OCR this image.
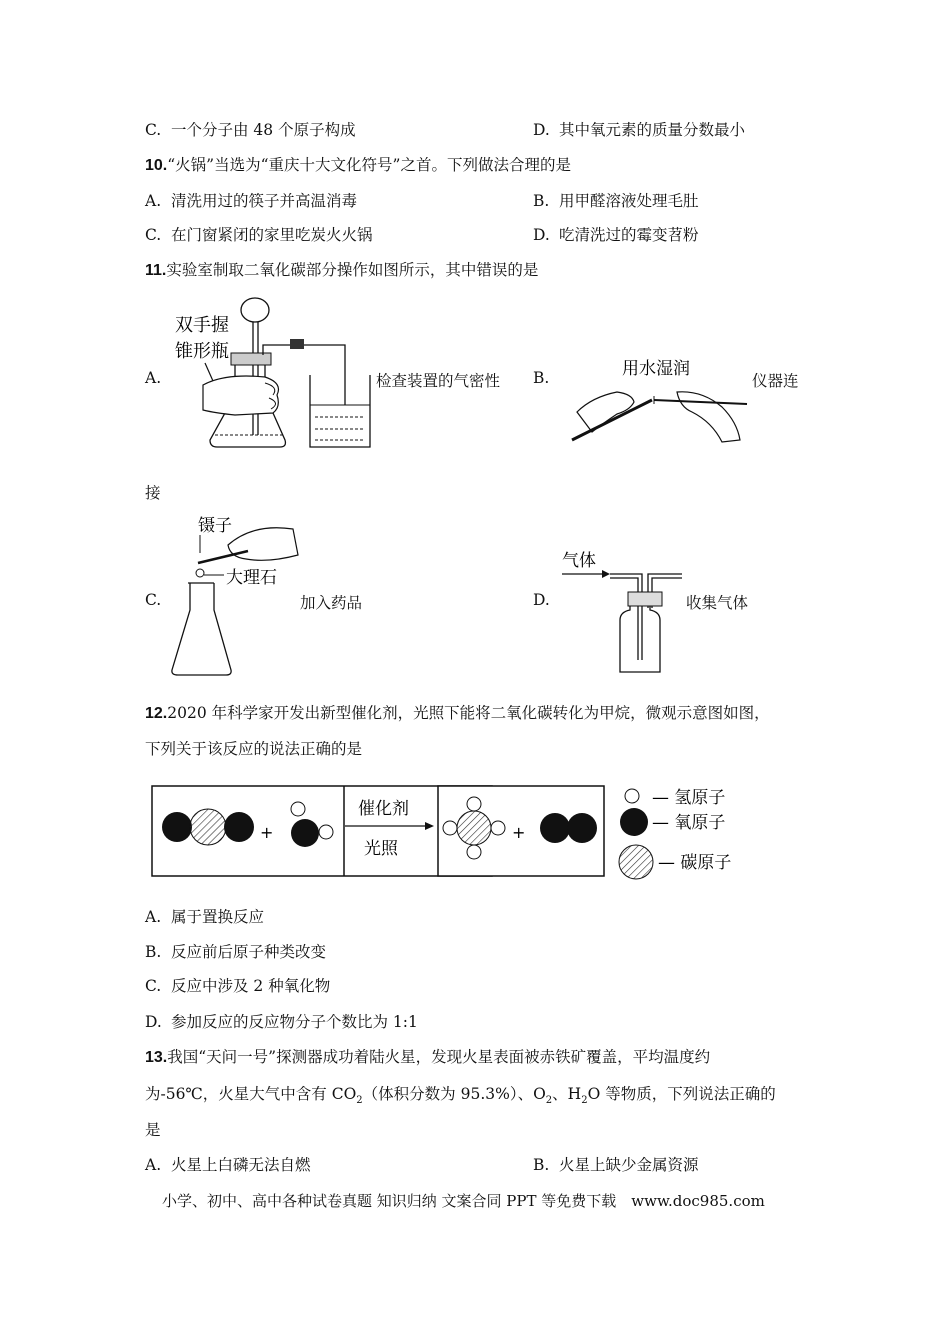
C. 一个分子由 48 个原子构成	D. 其中氧元素的质量分数最小
10.“火锅”当选为“重庆十大文化符号”之首。下列做法合理的是
A. 清洗用过的筷子并高温消毒	B. 用甲醛溶液处理毛肚
C. 在门窗紧闭的家里吃炭火火锅	D. 吃清洗过的霉变苕粉
11.实验室制取二氧化碳部分操作如图所示，其中错误的是
A.
双手握
锥形瓶
检查装置的气密性 B.	用水湿润
仪器连
接
C.
镊子
大理石
加入药品	D.
气体
收集气体
12.2020 年科学家开发出新型催化剂，光照下能将二氧化碳转化为甲烷，微观示意图如图，
下列关于该反应的说法正确的是
+
催化剂
光照
+
— 氢原子
— 氧原子
— 碳原子
A. 属于置换反应
B. 反应前后原子种类改变
C. 反应中涉及 2 种氧化物
D. 参加反应的反应物分子个数比为 1:1
13.我国“天问一号”探测器成功着陆火星，发现火星表面被赤铁矿覆盖，平均温度约
为-56℃，火星大气中含有 $CO_2$（体积分数为 95.3%）、$O_2$、$H_2O$ 等物质，下列说法正确的
是
A. 火星上白磷无法自燃	B. 火星上缺少金属资源
小学、初中、高中各种试卷真题 知识归纳 文案合同 PPT 等免费下载　www.doc985.com
